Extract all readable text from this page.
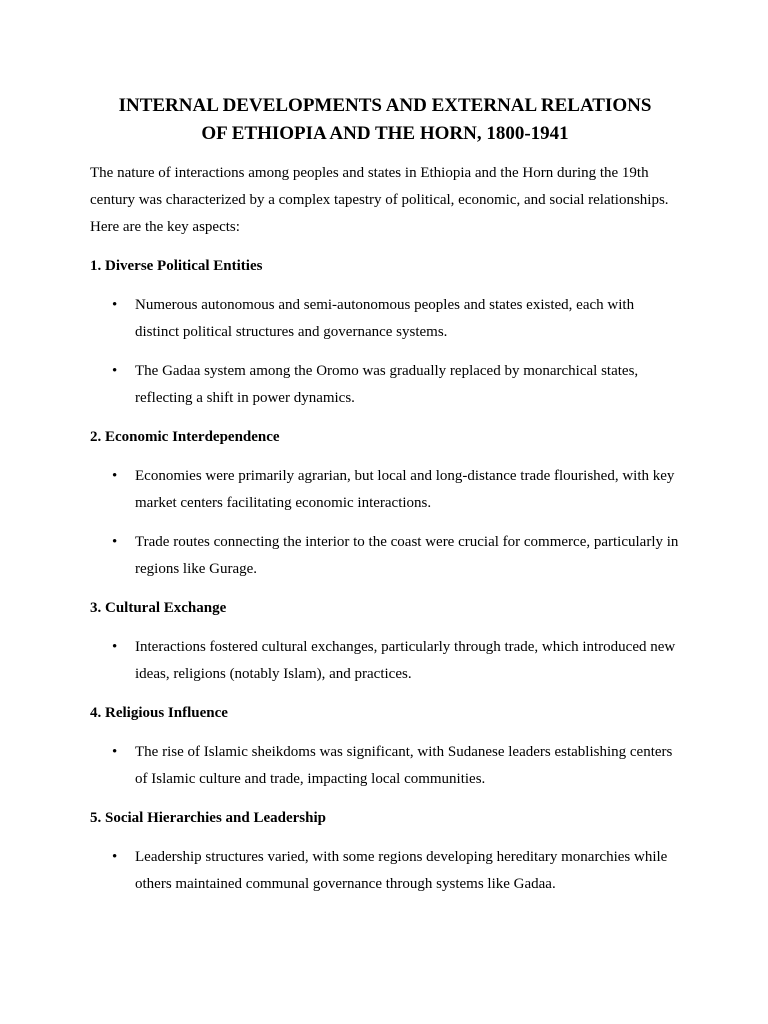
INTERNAL DEVELOPMENTS AND EXTERNAL RELATIONS
OF ETHIOPIA AND THE HORN, 1800-1941

The nature of interactions among peoples and states in Ethiopia and the Horn during the 19th century was characterized by a complex tapestry of political, economic, and social relationships. Here are the key aspects:

1. Diverse Political Entities
• Numerous autonomous and semi-autonomous peoples and states existed, each with distinct political structures and governance systems.
• The Gadaa system among the Oromo was gradually replaced by monarchical states, reflecting a shift in power dynamics.
2. Economic Interdependence
• Economies were primarily agrarian, but local and long-distance trade flourished, with key market centers facilitating economic interactions.
• Trade routes connecting the interior to the coast were crucial for commerce, particularly in regions like Gurage.
3. Cultural Exchange
• Interactions fostered cultural exchanges, particularly through trade, which introduced new ideas, religions (notably Islam), and practices.
4. Religious Influence
• The rise of Islamic sheikdoms was significant, with Sudanese leaders establishing centers of Islamic culture and trade, impacting local communities.
5. Social Hierarchies and Leadership
• Leadership structures varied, with some regions developing hereditary monarchies while others maintained communal governance through systems like Gadaa.
